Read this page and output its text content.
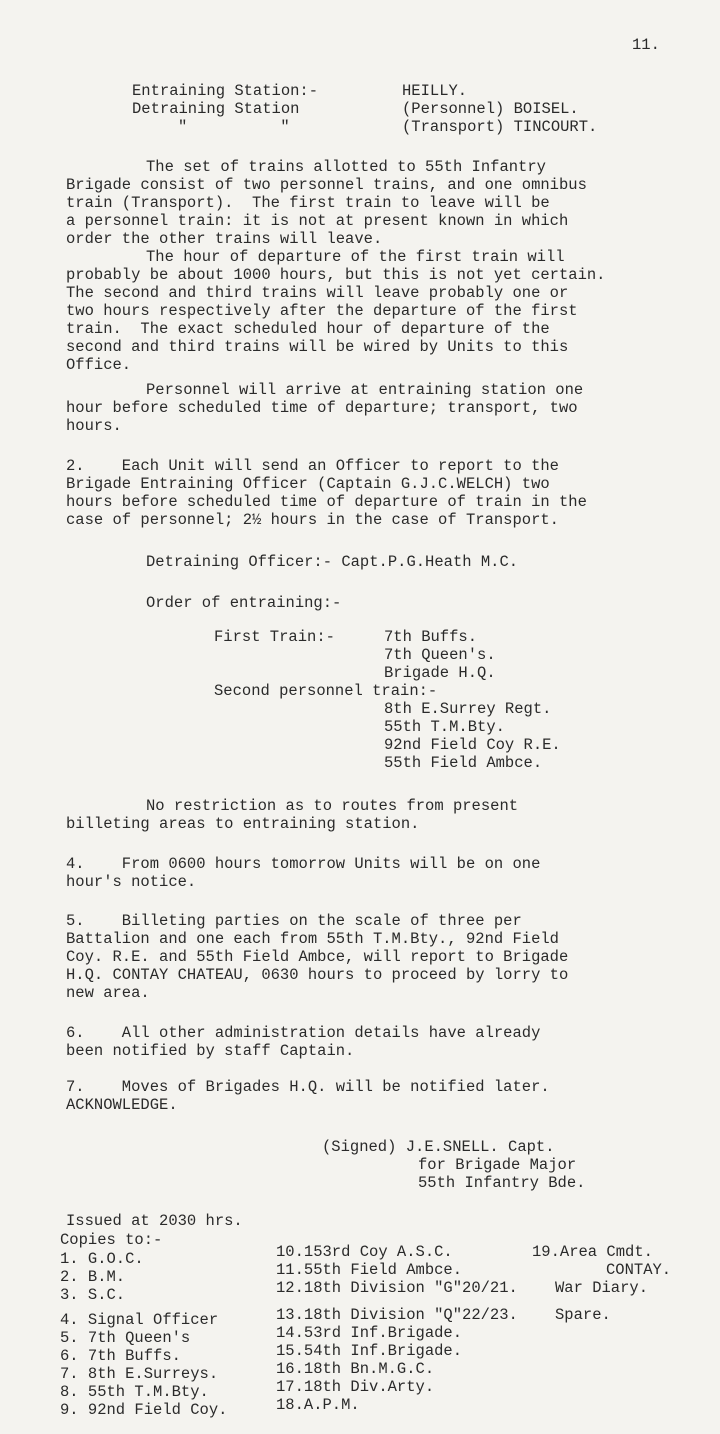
11.
Entraining Station:-	HEILLY.
Detraining Station	(Personnel) BOISEL.
"          "	(Transport) TINCOURT.
The set of trains allotted to 55th Infantry
Brigade consist of two personnel trains, and one omnibus
train (Transport).  The first train to leave will be
a personnel train: it is not at present known in which
order the other trains will leave.
The hour of departure of the first train will
probably be about 1000 hours, but this is not yet certain.
The second and third trains will leave probably one or
two hours respectively after the departure of the first
train.  The exact scheduled hour of departure of the
second and third trains will be wired by Units to this
Office.
Personnel will arrive at entraining station one
hour before scheduled time of departure; transport, two
hours.
2.    Each Unit will send an Officer to report to the
Brigade Entraining Officer (Captain G.J.C.WELCH) two
hours before scheduled time of departure of train in the
case of personnel; 2½ hours in the case of Transport.
Detraining Officer:- Capt.P.G.Heath M.C.
Order of entraining:-
First Train:-	7th Buffs.
7th Queen's.
Brigade H.Q.
Second personnel train:-
8th E.Surrey Regt.
55th T.M.Bty.
92nd Field Coy R.E.
55th Field Ambce.
No restriction as to routes from present
billeting areas to entraining station.
4.    From 0600 hours tomorrow Units will be on one
hour's notice.
5.    Billeting parties on the scale of three per
Battalion and one each from 55th T.M.Bty., 92nd Field
Coy. R.E. and 55th Field Ambce, will report to Brigade
H.Q. CONTAY CHATEAU, 0630 hours to proceed by lorry to
new area.
6.    All other administration details have already
been notified by staff Captain.
7.    Moves of Brigades H.Q. will be notified later.
ACKNOWLEDGE.
(Signed) J.E.SNELL. Capt.
for Brigade Major
55th Infantry Bde.
Issued at 2030 hrs.
Copies to:-
1. G.O.C.
2. B.M.
3. S.C.
4. Signal Officer
5. 7th Queen's
6. 7th Buffs.
7. 8th E.Surreys.
8. 55th T.M.Bty.
9. 92nd Field Coy.
10.153rd Coy A.S.C.
11.55th Field Ambce.
12.18th Division "G"20/21.
13.18th Division "Q"22/23.
14.53rd Inf.Brigade.
15.54th Inf.Brigade.
16.18th Bn.M.G.C.
17.18th Div.Arty.
18.A.P.M.
19.Area Cmdt.
CONTAY.
War Diary.
Spare.
